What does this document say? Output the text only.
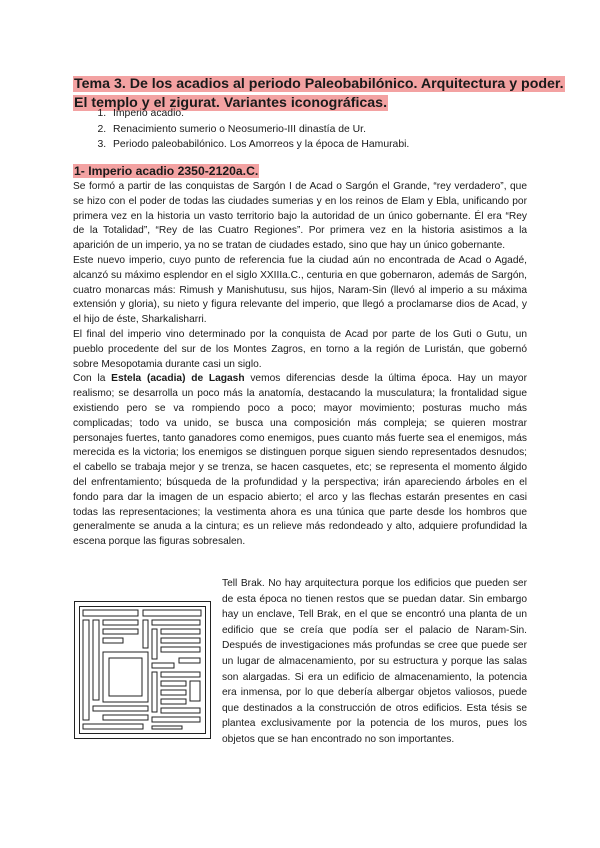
Tema 3. De los acadios al periodo Paleobabilónico. Arquitectura y poder.
El templo y el zigurat. Variantes iconográficas.
1. Imperio acadio.
2. Renacimiento sumerio o Neosumerio-III dinastía de Ur.
3. Periodo paleobabilónico. Los Amorreos y la época de Hamurabi.
1- Imperio acadio 2350-2120a.C.

Se formó a partir de las conquistas de Sargón I de Acad o Sargón el Grande, “rey verdadero”, que se hizo con el poder de todas las ciudades sumerias y en los reinos de Elam y Ebla, unificando por primera vez en la historia un vasto territorio bajo la autoridad de un único gobernante. Él era “Rey de la Totalidad”, “Rey de las Cuatro Regiones”. Por primera vez en la historia asistimos a la aparición de un imperio, ya no se tratan de ciudades estado, sino que hay un único gobernante.

Este nuevo imperio, cuyo punto de referencia fue la ciudad aún no encontrada de Acad o Agadé, alcanzó su máximo esplendor en el siglo XXIIIa.C., centuria en que gobernaron, además de Sargón, cuatro monarcas más: Rimush y Manishutusu, sus hijos, Naram-Sin (llevó al imperio a su máxima extensión y gloria), su nieto y figura relevante del imperio, que llegó a proclamarse dios de Acad, y el hijo de éste, Sharkalisharri.

El final del imperio vino determinado por la conquista de Acad por parte de los Guti o Gutu, un pueblo procedente del sur de los Montes Zagros, en torno a la región de Luristán, que gobernó sobre Mesopotamia durante casi un siglo.

Con la Estela (acadia) de Lagash vemos diferencias desde la última época. Hay un mayor realismo; se desarrolla un poco más la anatomía, destacando la musculatura; la frontalidad sigue existiendo pero se va rompiendo poco a poco; mayor movimiento; posturas mucho más complicadas; todo va unido, se busca una composición más compleja; se quieren mostrar personajes fuertes, tanto ganadores como enemigos, pues cuanto más fuerte sea el enemigos, más merecida es la victoria; los enemigos se distinguen porque siguen siendo representados desnudos; el cabello se trabaja mejor y se trenza, se hacen casquetes, etc; se representa el momento álgido del enfrentamiento; búsqueda de la profundidad y la perspectiva; irán apareciendo árboles en el fondo para dar la imagen de un espacio abierto; el arco y las flechas estarán presentes en casi todas las representaciones; la vestimenta ahora es una túnica que parte desde los hombros que generalmente se anuda a la cintura; es un relieve más redondeado y alto, adquiere profundidad la escena porque las figuras sobresalen.

Tell Brak. No hay arquitectura porque los edificios que pueden ser de esta época no tienen restos que se puedan datar. Sin embargo hay un enclave, Tell Brak, en el que se encontró una planta de un edificio que se creía que podía ser el palacio de Naram-Sin. Después de investigaciones más profundas se cree que puede ser un lugar de almacenamiento, por su estructura y porque las salas son alargadas. Si era un edificio de almacenamiento, la potencia era inmensa, por lo que debería albergar objetos valiosos, puede que destinados a la construcción de otros edificios. Esta tésis se plantea exclusivamente por la potencia de los muros, pues los objetos que se han encontrado no son importantes.
